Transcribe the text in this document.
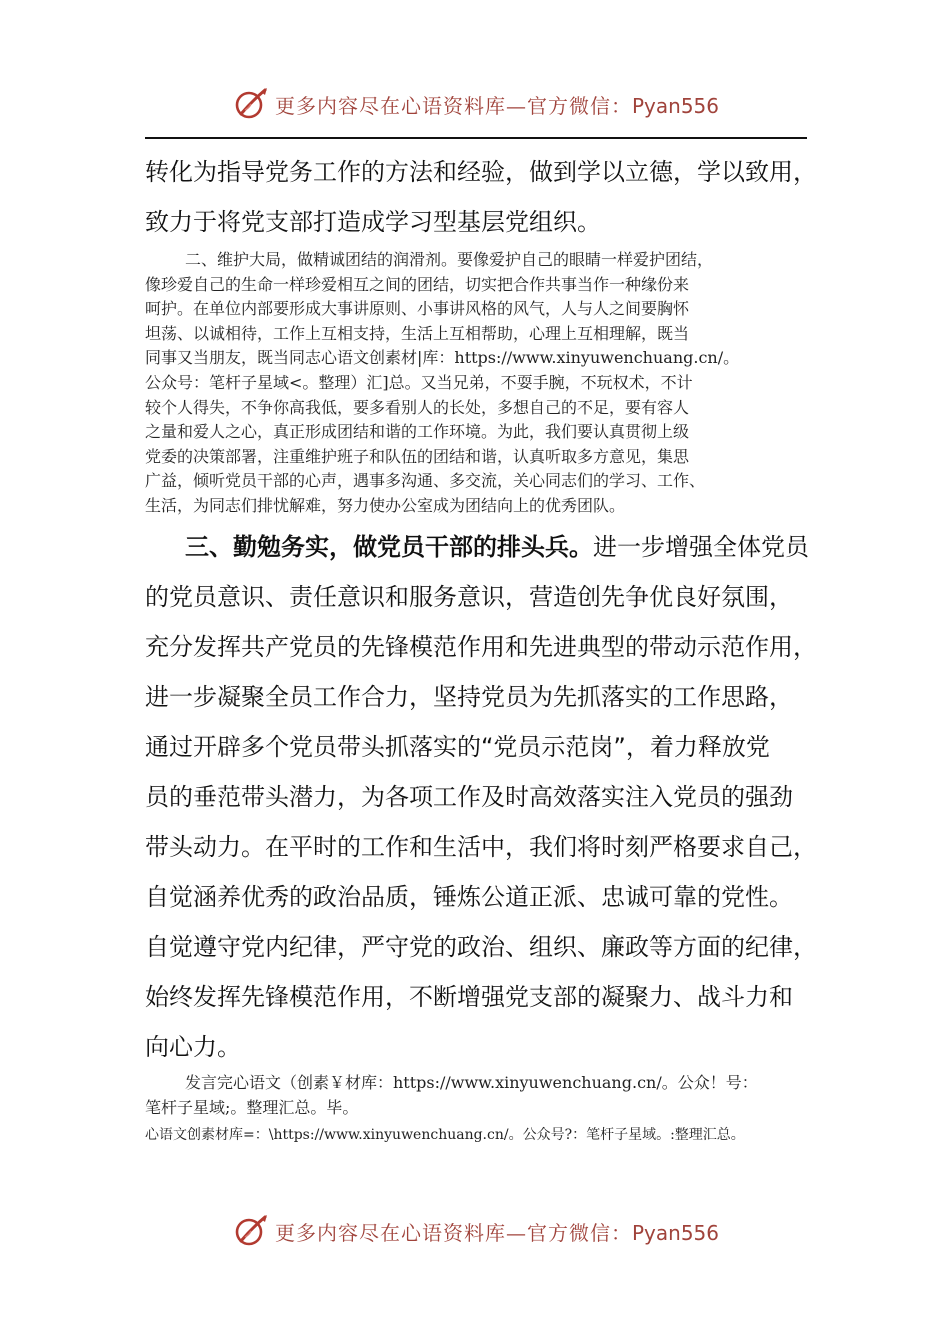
更多内容尽在心语资料库—官方微信：Pyan556

转化为指导党务工作的方法和经验，做到学以立德，学以致用，

致力于将党支部打造成学习型基层党组织。

二、维护大局，做精诚团结的润滑剂。要像爱护自己的眼睛一样爱护团结，

像珍爱自己的生命一样珍爱相互之间的团结，切实把合作共事当作一种缘份来

呵护。在单位内部要形成大事讲原则、小事讲风格的风气，人与人之间要胸怀

坦荡、以诚相待，工作上互相支持，生活上互相帮助，心理上互相理解，既当

同事又当朋友，既当同志心语文创素材|库：https://www.xinyuwenchuang.cn/。

公众号：笔杆子星域<。整理）汇]总。又当兄弟，不耍手腕，不玩权术，不计

较个人得失，不争你高我低，要多看别人的长处，多想自己的不足，要有容人

之量和爱人之心，真正形成团结和谐的工作环境。为此，我们要认真贯彻上级

党委的决策部署，注重维护班子和队伍的团结和谐，认真听取多方意见，集思

广益，倾听党员干部的心声，遇事多沟通、多交流，关心同志们的学习、工作、

生活，为同志们排忧解难，努力使办公室成为团结向上的优秀团队。

三、勤勉务实，做党员干部的排头兵。进一步增强全体党员

的党员意识、责任意识和服务意识，营造创先争优良好氛围，

充分发挥共产党员的先锋模范作用和先进典型的带动示范作用，

进一步凝聚全员工作合力，坚持党员为先抓落实的工作思路，

通过开辟多个党员带头抓落实的“党员示范岗”，着力释放党

员的垂范带头潜力，为各项工作及时高效落实注入党员的强劲

带头动力。在平时的工作和生活中，我们将时刻严格要求自己，

自觉涵养优秀的政治品质，锤炼公道正派、忠诚可靠的党性。

自觉遵守党内纪律，严守党的政治、组织、廉政等方面的纪律，

始终发挥先锋模范作用，不断增强党支部的凝聚力、战斗力和

向心力。

发言完心语文（创素￥材库：https://www.xinyuwenchuang.cn/。公众！号：

笔杆子星域;。整理汇总。毕。

心语文创素材库=：\https://www.xinyuwenchuang.cn/。公众号?：笔杆子星域。:整理汇总。

更多内容尽在心语资料库—官方微信：Pyan556
